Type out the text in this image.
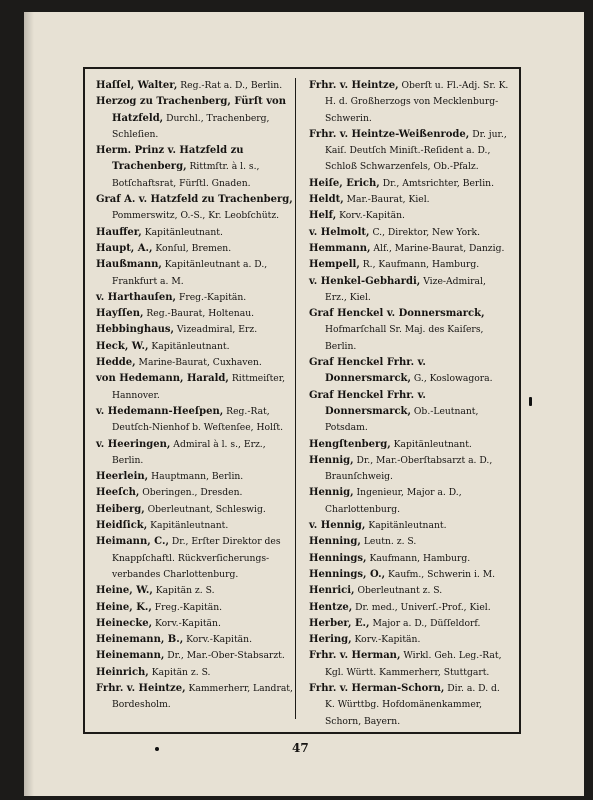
Haſſel, Walter, Reg.-Rat a. D., Berlin.
Herzog zu Trachenberg, Fürſt von Hatzfeld, Durchl., Trachenberg, Schleſien.
Herm. Prinz v. Hatzfeld zu Trachenberg, Rittmſtr. à l. s., Botſchaftsrat, Fürſtl. Gnaden.
Graf A. v. Hatzfeld zu Trachenberg, Pommerswitz, O.-S., Kr. Leobſchütz.
Hauffer, Kapitänleutnant.
Haupt, A., Konſul, Bremen.
Haußmann, Kapitänleutnant a. D., Frankfurt a. M.
v. Harthauſen, Freg.-Kapitän.
Hayſſen, Reg.-Baurat, Holtenau.
Hebbinghaus, Vizeadmiral, Erz.
Heck, W., Kapitänleutnant.
Hedde, Marine-Baurat, Cuxhaven.
von Hedemann, Harald, Rittmeiſter, Hannover.
v. Hedemann-Heeſpen, Reg.-Rat, Deutſch-Nienhof b. Weſtenſee, Holſt.
v. Heeringen, Admiral à l. s., Erz., Berlin.
Heerlein, Hauptmann, Berlin.
Heeſch, Oberingen., Dresden.
Heiberg, Oberleutnant, Schleswig.
Heidſick, Kapitänleutnant.
Heimann, C., Dr., Erſter Direktor des Knappſchaftl. Rückverſicherungs-verbandes Charlottenburg.
Heine, W., Kapitän z. S.
Heine, K., Freg.-Kapitän.
Heinecke, Korv.-Kapitän.
Heinemann, B., Korv.-Kapitän.
Heinemann, Dr., Mar.-Ober-Stabsarzt.
Heinrich, Kapitän z. S.
Frhr. v. Heintze, Kammerherr, Landrat, Bordesholm.
Frhr. v. Heintze, Oberſt u. Fl.-Adj. Sr. K. H. d. Großherzogs von Mecklenburg-Schwerin.
Frhr. v. Heintze-Weißenrode, Dr. jur., Kaiſ. Deutſch Miniſt.-Reſident a. D., Schloß Schwarzenfels, Ob.-Pfalz.
Heiſe, Erich, Dr., Amtsrichter, Berlin.
Heldt, Mar.-Baurat, Kiel.
Helf, Korv.-Kapitän.
v. Helmolt, C., Direktor, New York.
Hemmann, Alf., Marine-Baurat, Danzig.
Hempell, R., Kaufmann, Hamburg.
v. Henkel-Gebhardi, Vize-Admiral, Erz., Kiel.
Graf Henckel v. Donnersmarck, Hofmarſchall Sr. Maj. des Kaiſers, Berlin.
Graf Henckel Frhr. v. Donnersmarck, G., Koslowagora.
Graf Henckel Frhr. v. Donnersmarck, Ob.-Leutnant, Potsdam.
Hengſtenberg, Kapitänleutnant.
Hennig, Dr., Mar.-Oberſtabsarzt a. D., Braunſchweig.
Hennig, Ingenieur, Major a. D., Charlottenburg.
v. Hennig, Kapitänleutnant.
Henning, Leutn. z. S.
Hennings, Kaufmann, Hamburg.
Hennings, O., Kaufm., Schwerin i. M.
Henrici, Oberleutnant z. S.
Hentze, Dr. med., Univerſ.-Prof., Kiel.
Herber, E., Major a. D., Düſſeldorf.
Hering, Korv.-Kapitän.
Frhr. v. Herman, Wirkl. Geh. Leg.-Rat, Kgl. Württ. Kammerherr, Stuttgart.
Frhr. v. Herman-Schorn, Dir. a. D. d. K. Württbg. Hofdomänenkammer, Schorn, Bayern.
47
